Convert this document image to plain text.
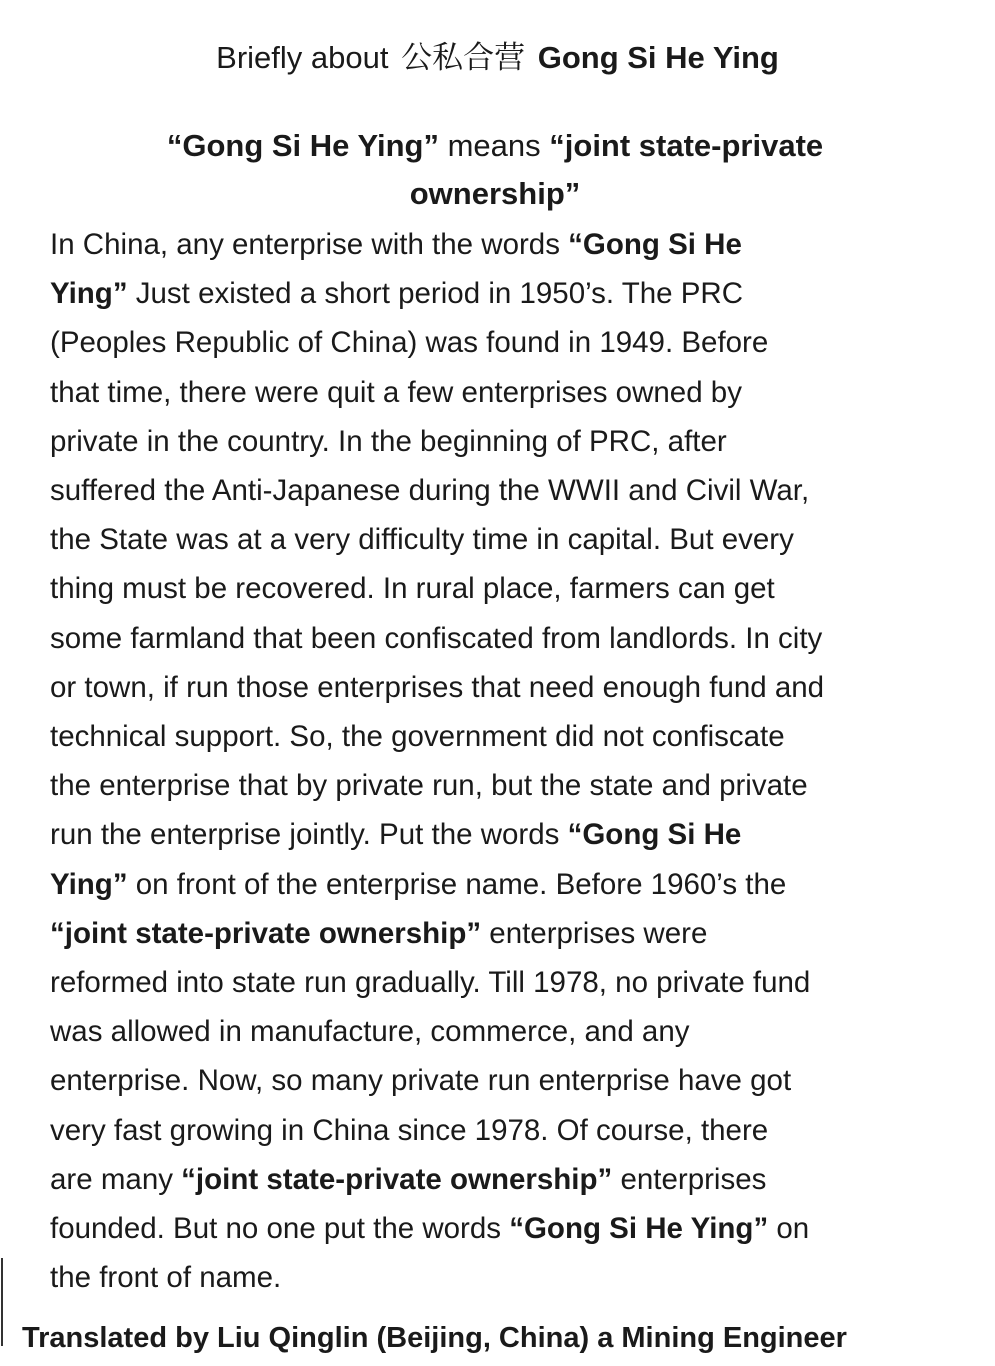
Briefly about 公私合营 Gong Si He Ying
“Gong Si He Ying” means “joint state-private ownership”
In China, any enterprise with the words “Gong Si He
Ying” Just existed a short period in 1950’s. The PRC
(Peoples Republic of China) was found in 1949. Before
that time, there were quit a few enterprises owned by
private in the country. In the beginning of PRC, after
suffered the Anti-Japanese during the WWII and Civil War,
the State was at a very difficulty time in capital. But every
thing must be recovered. In rural place, farmers can get
some farmland that been confiscated from landlords. In city
or town, if run those enterprises that need enough fund and
technical support. So, the government did not confiscate
the enterprise that by private run, but the state and private
run the enterprise jointly. Put the words “Gong Si He
Ying” on front of the enterprise name. Before 1960’s the
“joint state-private ownership” enterprises were
reformed into state run gradually. Till 1978, no private fund
was allowed in manufacture, commerce, and any
enterprise. Now, so many private run enterprise have got
very fast growing in China since 1978. Of course, there
are many “joint state-private ownership” enterprises
founded. But no one put the words “Gong Si He Ying” on
the front of name.
Translated by Liu Qinglin (Beijing, China) a Mining Engineer
